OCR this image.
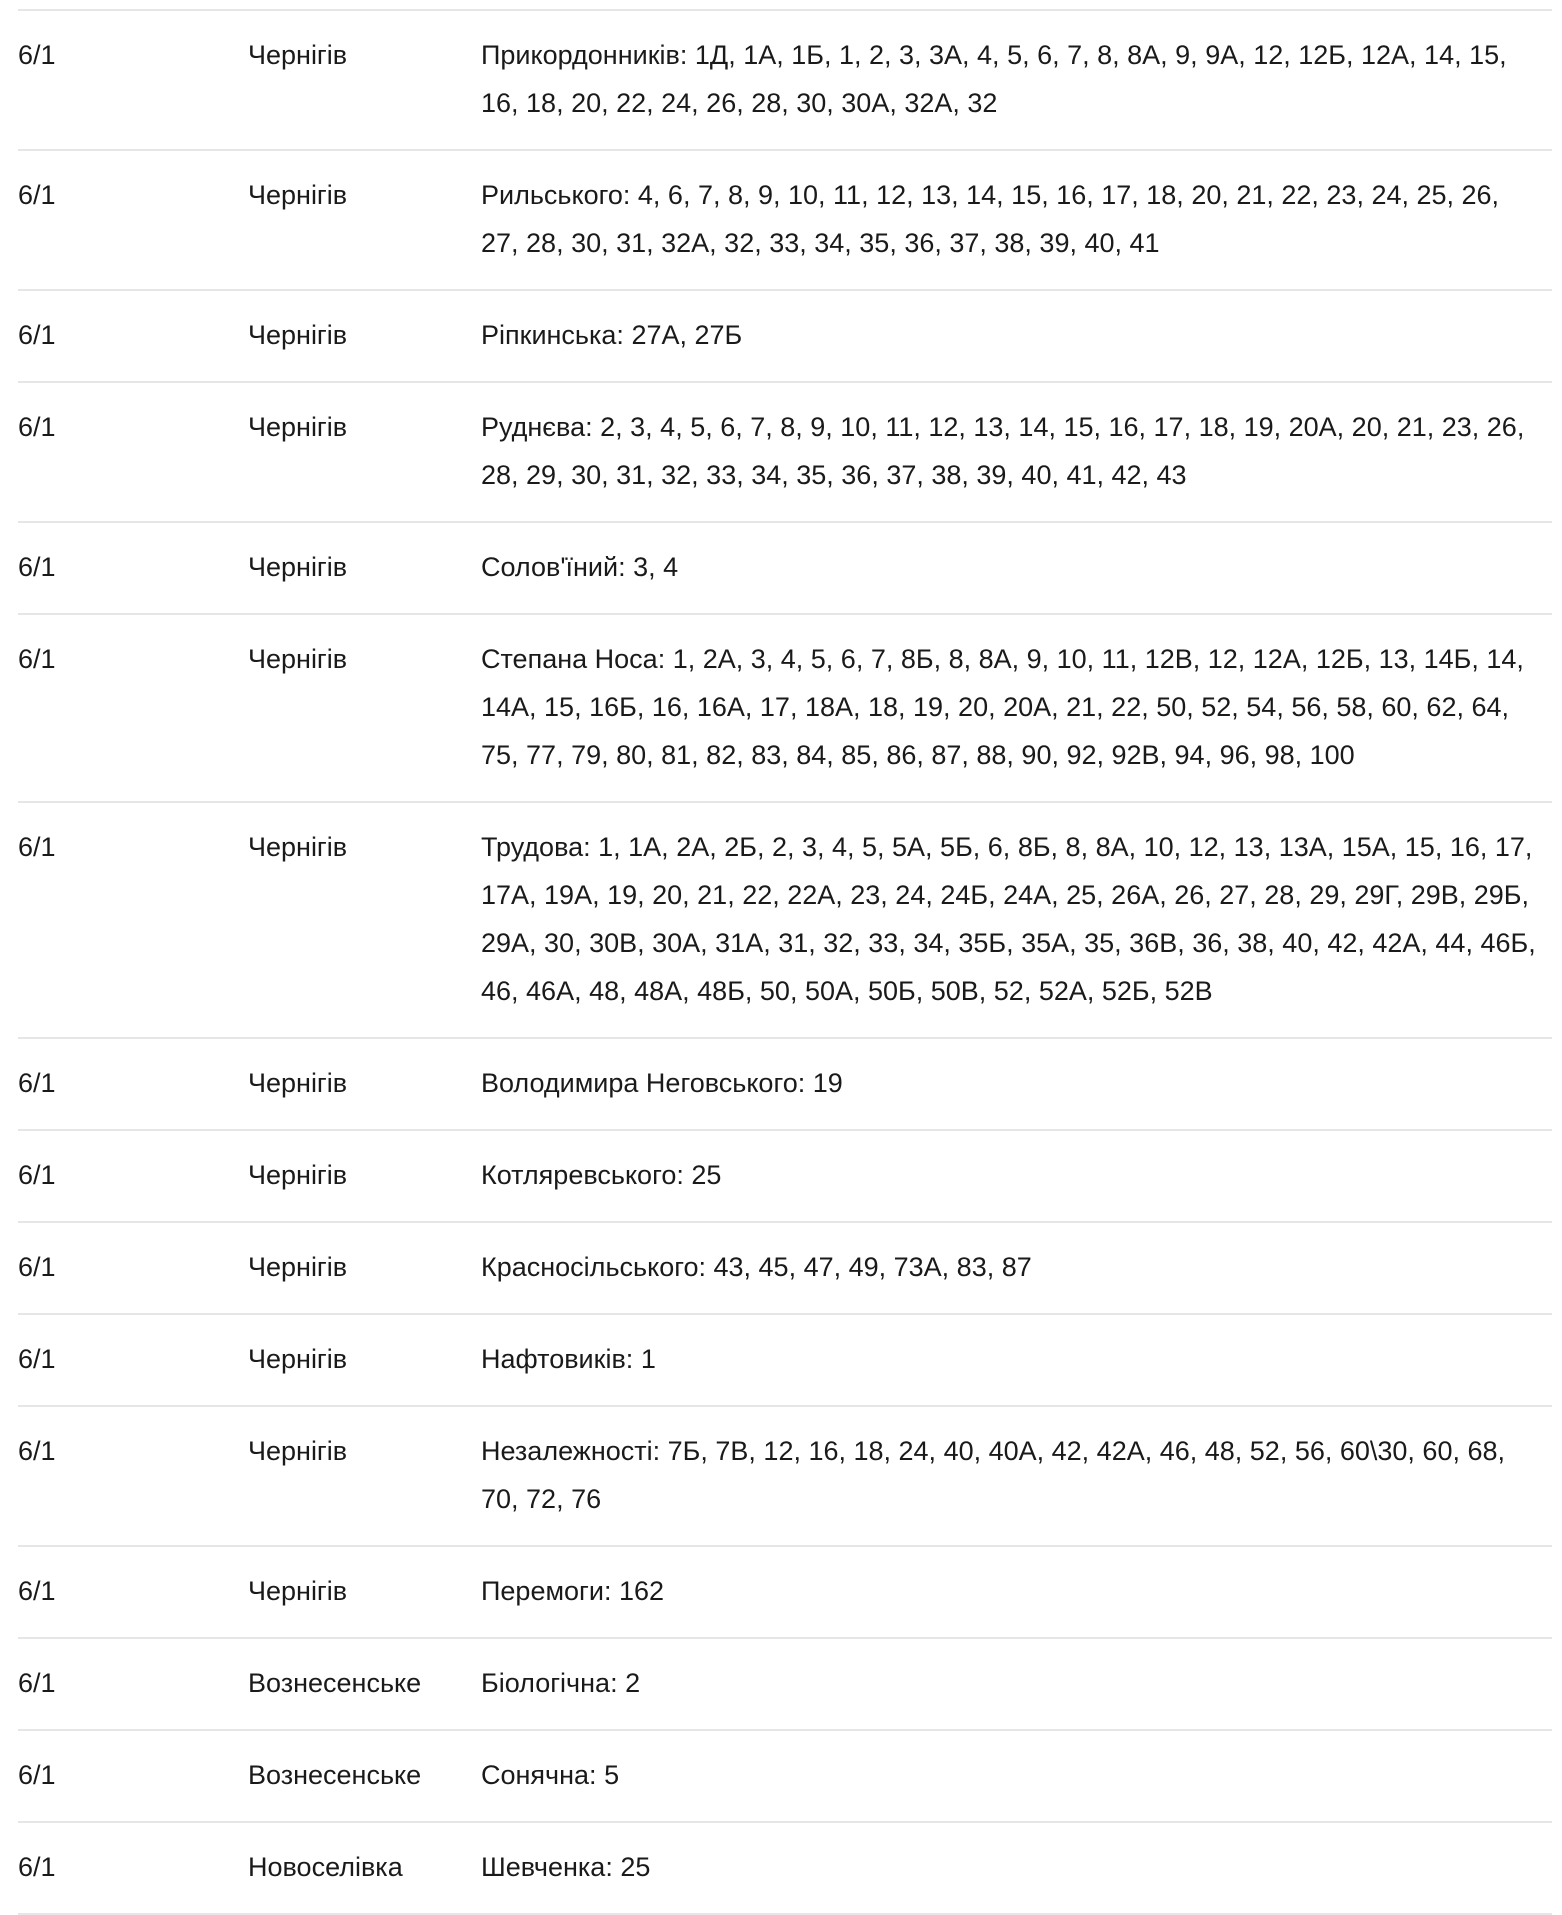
6/1	Чернігів	Прикордонників: 1Д, 1А, 1Б, 1, 2, 3, 3А, 4, 5, 6, 7, 8, 8А, 9, 9А, 12, 12Б, 12А, 14, 15, 16, 18, 20, 22, 24, 26, 28, 30, 30А, 32А, 32
6/1	Чернігів	Рильського: 4, 6, 7, 8, 9, 10, 11, 12, 13, 14, 15, 16, 17, 18, 20, 21, 22, 23, 24, 25, 26, 27, 28, 30, 31, 32А, 32, 33, 34, 35, 36, 37, 38, 39, 40, 41
6/1	Чернігів	Ріпкинська: 27А, 27Б
6/1	Чернігів	Руднєва: 2, 3, 4, 5, 6, 7, 8, 9, 10, 11, 12, 13, 14, 15, 16, 17, 18, 19, 20А, 20, 21, 23, 26, 28, 29, 30, 31, 32, 33, 34, 35, 36, 37, 38, 39, 40, 41, 42, 43
6/1	Чернігів	Солов'їний: 3, 4
6/1	Чернігів	Степана Носа: 1, 2А, 3, 4, 5, 6, 7, 8Б, 8, 8А, 9, 10, 11, 12В, 12, 12А, 12Б, 13, 14Б, 14, 14А, 15, 16Б, 16, 16А, 17, 18А, 18, 19, 20, 20А, 21, 22, 50, 52, 54, 56, 58, 60, 62, 64, 75, 77, 79, 80, 81, 82, 83, 84, 85, 86, 87, 88, 90, 92, 92В, 94, 96, 98, 100
6/1	Чернігів	Трудова: 1, 1А, 2А, 2Б, 2, 3, 4, 5, 5А, 5Б, 6, 8Б, 8, 8А, 10, 12, 13, 13А, 15А, 15, 16, 17, 17А, 19А, 19, 20, 21, 22, 22А, 23, 24, 24Б, 24А, 25, 26А, 26, 27, 28, 29, 29Г, 29В, 29Б, 29А, 30, 30В, 30А, 31А, 31, 32, 33, 34, 35Б, 35А, 35, 36В, 36, 38, 40, 42, 42А, 44, 46Б, 46, 46А, 48, 48А, 48Б, 50, 50А, 50Б, 50В, 52, 52А, 52Б, 52В
6/1	Чернігів	Володимира Неговського: 19
6/1	Чернігів	Котляревського: 25
6/1	Чернігів	Красносільського: 43, 45, 47, 49, 73А, 83, 87
6/1	Чернігів	Нафтовиків: 1
6/1	Чернігів	Незалежності: 7Б, 7В, 12, 16, 18, 24, 40, 40А, 42, 42А, 46, 48, 52, 56, 60\30, 60, 68, 70, 72, 76
6/1	Чернігів	Перемоги: 162
6/1	Вознесенське	Біологічна: 2
6/1	Вознесенське	Сонячна: 5
6/1	Новоселівка	Шевченка: 25
